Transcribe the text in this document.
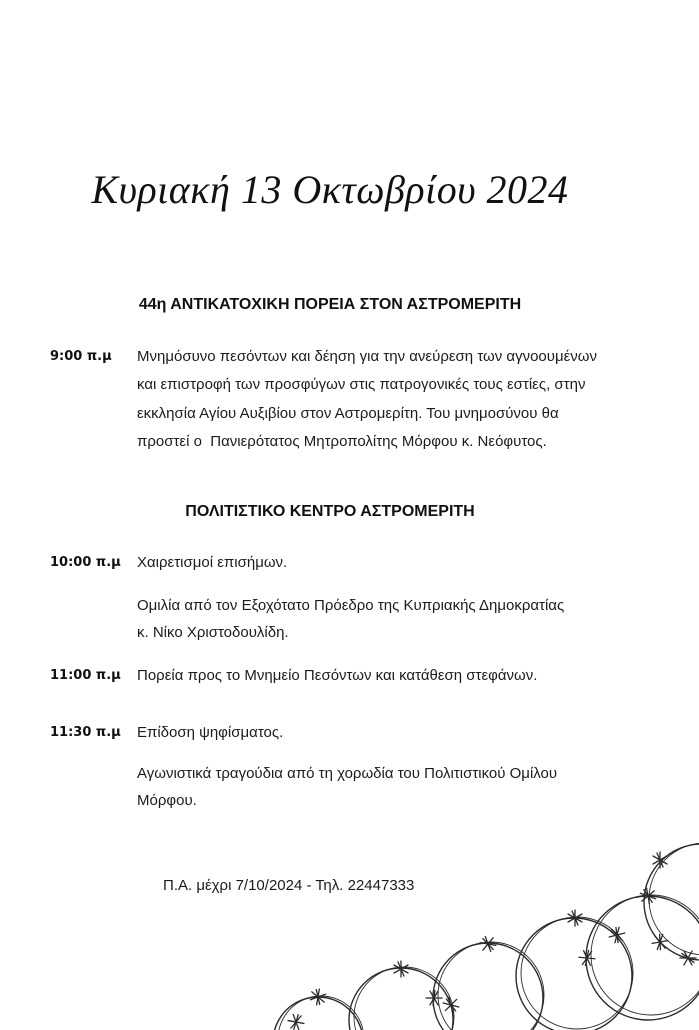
Κυριακή 13 Οκτωβρίου 2024
44η ΑΝΤΙΚΑΤΟΧΙΚΗ ΠΟΡΕΙΑ ΣΤΟΝ ΑΣΤΡΟΜΕΡΙΤΗ
9:00 π.μ Μνημόσυνο πεσόντων και δέηση για την ανεύρεση των αγνοουμένων
και επιστροφή των προσφύγων στις πατρογονικές τους εστίες, στην
εκκλησία Αγίου Αυξιβίου στον Αστρομερίτη. Του μνημοσύνου θα
προστεί ο  Πανιερότατος Μητροπολίτης Μόρφου κ. Νεόφυτος.
ΠΟΛΙΤΙΣΤΙΚΟ ΚΕΝΤΡΟ ΑΣΤΡΟΜΕΡΙΤΗ
10:00 π.μ Χαιρετισμοί επισήμων.
Ομιλία από τον Εξοχότατο Πρόεδρο της Κυπριακής Δημοκρατίας
κ. Νίκο Χριστοδουλίδη.
11:00 π.μ Πορεία προς το Μνημείο Πεσόντων και κατάθεση στεφάνων.
11:30 π.μ Επίδοση ψηφίσματος.
Αγωνιστικά τραγούδια από τη χορωδία του Πολιτιστικού Ομίλου
Μόρφου.
Π.Α. μέχρι 7/10/2024 - Τηλ. 22447333
